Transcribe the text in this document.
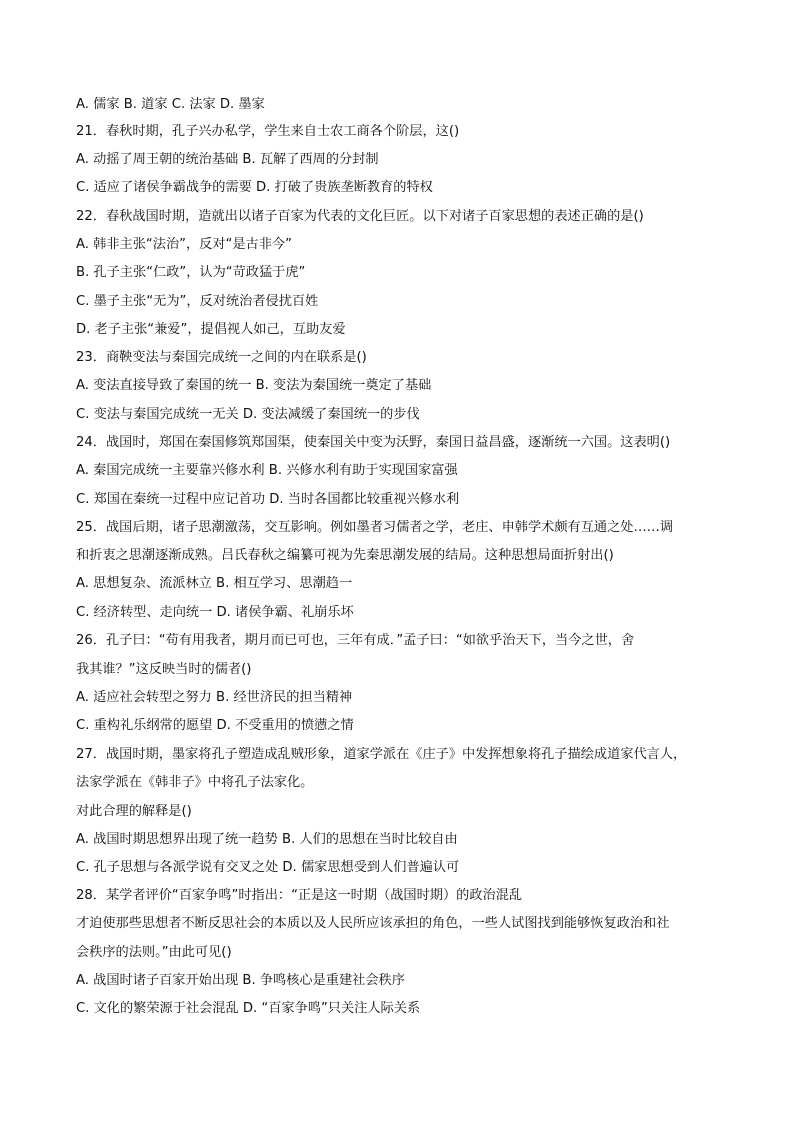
A. 儒家 B. 道家 C. 法家 D. 墨家
21．春秋时期，孔子兴办私学，学生来自士农工商各个阶层，这()
A. 动摇了周王朝的统治基础 B. 瓦解了西周的分封制
C. 适应了诸侯争霸战争的需要 D. 打破了贵族垄断教育的特权
22．春秋战国时期，造就出以诸子百家为代表的文化巨匠。以下对诸子百家思想的表述正确的是()
A. 韩非主张“法治”，反对“是古非今”
B. 孔子主张“仁政”，认为“苛政猛于虎”
C. 墨子主张“无为”，反对统治者侵扰百姓
D. 老子主张“兼爱”，提倡视人如己，互助友爱
23．商鞅变法与秦国完成统一之间的内在联系是()
A. 变法直接导致了秦国的统一 B. 变法为秦国统一奠定了基础
C. 变法与秦国完成统一无关 D. 变法减缓了秦国统一的步伐
24．战国时，郑国在秦国修筑郑国渠，使秦国关中变为沃野，秦国日益昌盛，逐渐统一六国。这表明()
A. 秦国完成统一主要靠兴修水利 B. 兴修水利有助于实现国家富强
C. 郑国在秦统一过程中应记首功 D. 当时各国都比较重视兴修水利
25．战国后期，诸子思潮激荡，交互影响。例如墨者习儒者之学，老庄、申韩学术颇有互通之处……调
和折衷之思潮逐渐成熟。吕氏春秋之编纂可视为先秦思潮发展的结局。这种思想局面折射出()
A. 思想复杂、流派林立 B. 相互学习、思潮趋一
C. 经济转型、走向统一 D. 诸侯争霸、礼崩乐坏
26．孔子曰：“苟有用我者，期月而已可也，三年有成．”孟子曰：“如欲乎治天下，当今之世，舍
我其谁？”这反映当时的儒者()
A. 适应社会转型之努力 B. 经世济民的担当精神
C. 重构礼乐纲常的愿望 D. 不受重用的愤懑之情
27．战国时期，墨家将孔子塑造成乱贼形象，道家学派在《庄子》中发挥想象将孔子描绘成道家代言人，
法家学派在《韩非子》中将孔子法家化。
对此合理的解释是()
A. 战国时期思想界出现了统一趋势 B. 人们的思想在当时比较自由
C. 孔子思想与各派学说有交叉之处 D. 儒家思想受到人们普遍认可
28．某学者评价“百家争鸣”时指出：“正是这一时期（战国时期）的政治混乱
才迫使那些思想者不断反思社会的本质以及人民所应该承担的角色，一些人试图找到能够恢复政治和社
会秩序的法则。”由此可见()
A. 战国时诸子百家开始出现 B. 争鸣核心是重建社会秩序
C. 文化的繁荣源于社会混乱 D. “百家争鸣”只关注人际关系
